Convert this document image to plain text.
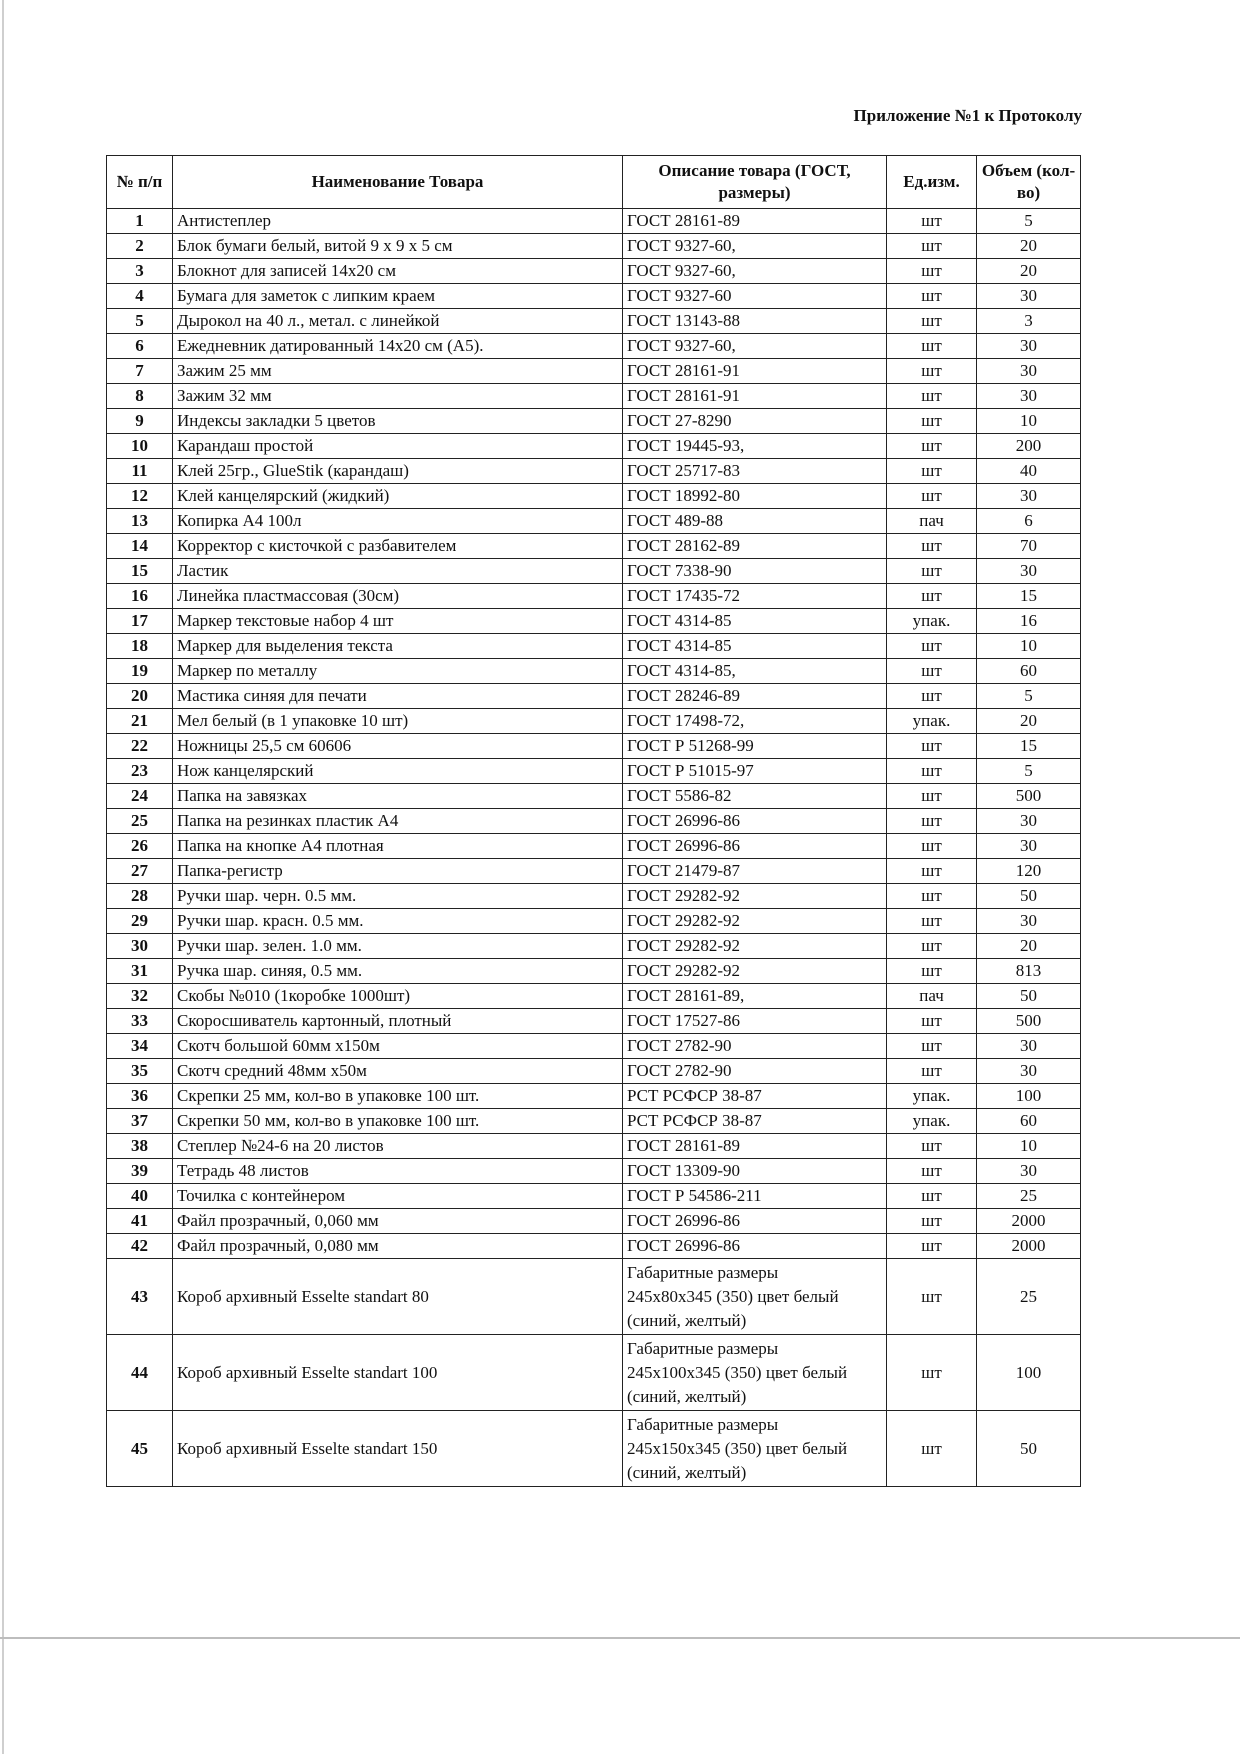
Приложение №1 к Протоколу
№ п/п	Наименование Товара	Описание товара (ГОСТ, размеры)	Ед.изм.	Объем (кол-во)
1	Антистеплер	ГОСТ 28161-89	шт	5
2	Блок бумаги белый, витой 9 х 9 х 5 см	ГОСТ 9327-60,	шт	20
3	Блокнот для записей 14х20 см	ГОСТ 9327-60,	шт	20
4	Бумага для заметок с липким краем	ГОСТ 9327-60	шт	30
5	Дырокол на 40 л., метал. с линейкой	ГОСТ 13143-88	шт	3
6	Ежедневник датированный 14х20 см (А5).	ГОСТ 9327-60,	шт	30
7	Зажим 25 мм	ГОСТ 28161-91	шт	30
8	Зажим 32 мм	ГОСТ 28161-91	шт	30
9	Индексы закладки 5 цветов	ГОСТ 27-8290	шт	10
10	Карандаш простой	ГОСТ 19445-93,	шт	200
11	Клей 25гр., GlueStik (карандаш)	ГОСТ 25717-83	шт	40
12	Клей канцелярский (жидкий)	ГОСТ 18992-80	шт	30
13	Копирка А4 100л	ГОСТ 489-88	пач	6
14	Корректор с кисточкой с разбавителем	ГОСТ 28162-89	шт	70
15	Ластик	ГОСТ 7338-90	шт	30
16	Линейка пластмассовая (30см)	ГОСТ 17435-72	шт	15
17	Маркер текстовые набор 4 шт	ГОСТ 4314-85	упак.	16
18	Маркер для выделения текста	ГОСТ 4314-85	шт	10
19	Маркер по металлу	ГОСТ 4314-85,	шт	60
20	Мастика синяя для печати	ГОСТ 28246-89	шт	5
21	Мел белый (в 1 упаковке 10 шт)	ГОСТ 17498-72,	упак.	20
22	Ножницы 25,5 см 60606	ГОСТ Р 51268-99	шт	15
23	Нож канцелярский	ГОСТ Р 51015-97	шт	5
24	Папка на завязках	ГОСТ 5586-82	шт	500
25	Папка на резинках пластик А4	ГОСТ 26996-86	шт	30
26	Папка на кнопке А4 плотная	ГОСТ 26996-86	шт	30
27	Папка-регистр	ГОСТ 21479-87	шт	120
28	Ручки шар. черн. 0.5 мм.	ГОСТ 29282-92	шт	50
29	Ручки шар. красн. 0.5 мм.	ГОСТ 29282-92	шт	30
30	Ручки шар. зелен. 1.0 мм.	ГОСТ 29282-92	шт	20
31	Ручка шар. синяя, 0.5 мм.	ГОСТ 29282-92	шт	813
32	Скобы №010 (1коробке 1000шт)	ГОСТ 28161-89,	пач	50
33	Скоросшиватель картонный, плотный	ГОСТ 17527-86	шт	500
34	Скотч большой 60мм х150м	ГОСТ 2782-90	шт	30
35	Скотч средний 48мм х50м	ГОСТ 2782-90	шт	30
36	Скрепки 25 мм, кол-во в упаковке 100 шт.	РСТ РСФСР 38-87	упак.	100
37	Скрепки 50 мм, кол-во в упаковке 100 шт.	РСТ РСФСР 38-87	упак.	60
38	Степлер №24-6 на 20 листов	ГОСТ 28161-89	шт	10
39	Тетрадь 48 листов	ГОСТ 13309-90	шт	30
40	Точилка с контейнером	ГОСТ Р 54586-211	шт	25
41	Файл прозрачный, 0,060 мм	ГОСТ 26996-86	шт	2000
42	Файл прозрачный, 0,080 мм	ГОСТ 26996-86	шт	2000
43	Короб архивный Esselte standart 80	Габаритные размеры
245х80х345 (350) цвет белый
(синий, желтый)	шт	25
44	Короб архивный Esselte standart 100	Габаритные размеры
245х100х345 (350) цвет белый
(синий, желтый)	шт	100
45	Короб архивный Esselte standart 150	Габаритные размеры
245х150х345 (350) цвет белый
(синий, желтый)	шт	50
